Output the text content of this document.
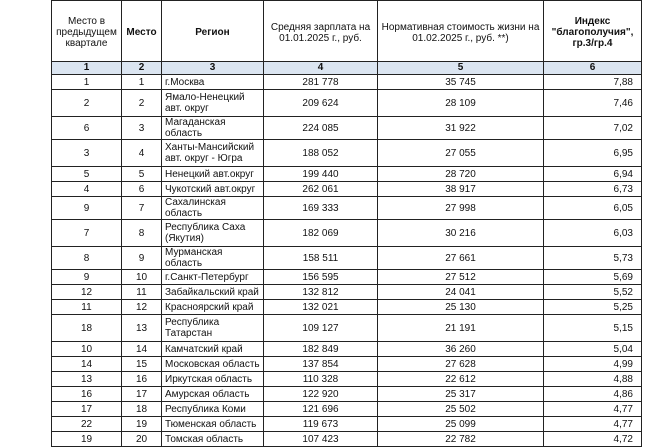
Место в предыдущем квартале	Место	Регион	Средняя зарплата на 01.01.2025 г., руб.	Нормативная стоимость жизни на 01.02.2025 г., руб. **)	Индекс "благополучия", гр.3/гр.4
1	2	3	4	5	6
1	1	г.Москва	281 778	35 745	7,88
2	2	Ямало-Ненецкий авт. округ	209 624	28 109	7,46
6	3	Магаданская область	224 085	31 922	7,02
3	4	Ханты-Мансийский авт. округ - Югра	188 052	27 055	6,95
5	5	Ненецкий авт.округ	199 440	28 720	6,94
4	6	Чукотский авт.округ	262 061	38 917	6,73
9	7	Сахалинская область	169 333	27 998	6,05
7	8	Республика Саха (Якутия)	182 069	30 216	6,03
8	9	Мурманская область	158 511	27 661	5,73
9	10	г.Санкт-Петербург	156 595	27 512	5,69
12	11	Забайкальский край	132 812	24 041	5,52
11	12	Красноярский край	132 021	25 130	5,25
18	13	Республика Татарстан	109 127	21 191	5,15
10	14	Камчатский край	182 849	36 260	5,04
14	15	Московская область	137 854	27 628	4,99
13	16	Иркутская область	110 328	22 612	4,88
16	17	Амурская область	122 920	25 317	4,86
17	18	Республика Коми	121 696	25 502	4,77
22	19	Тюменская область	119 673	25 099	4,77
19	20	Томская область	107 423	22 782	4,72
